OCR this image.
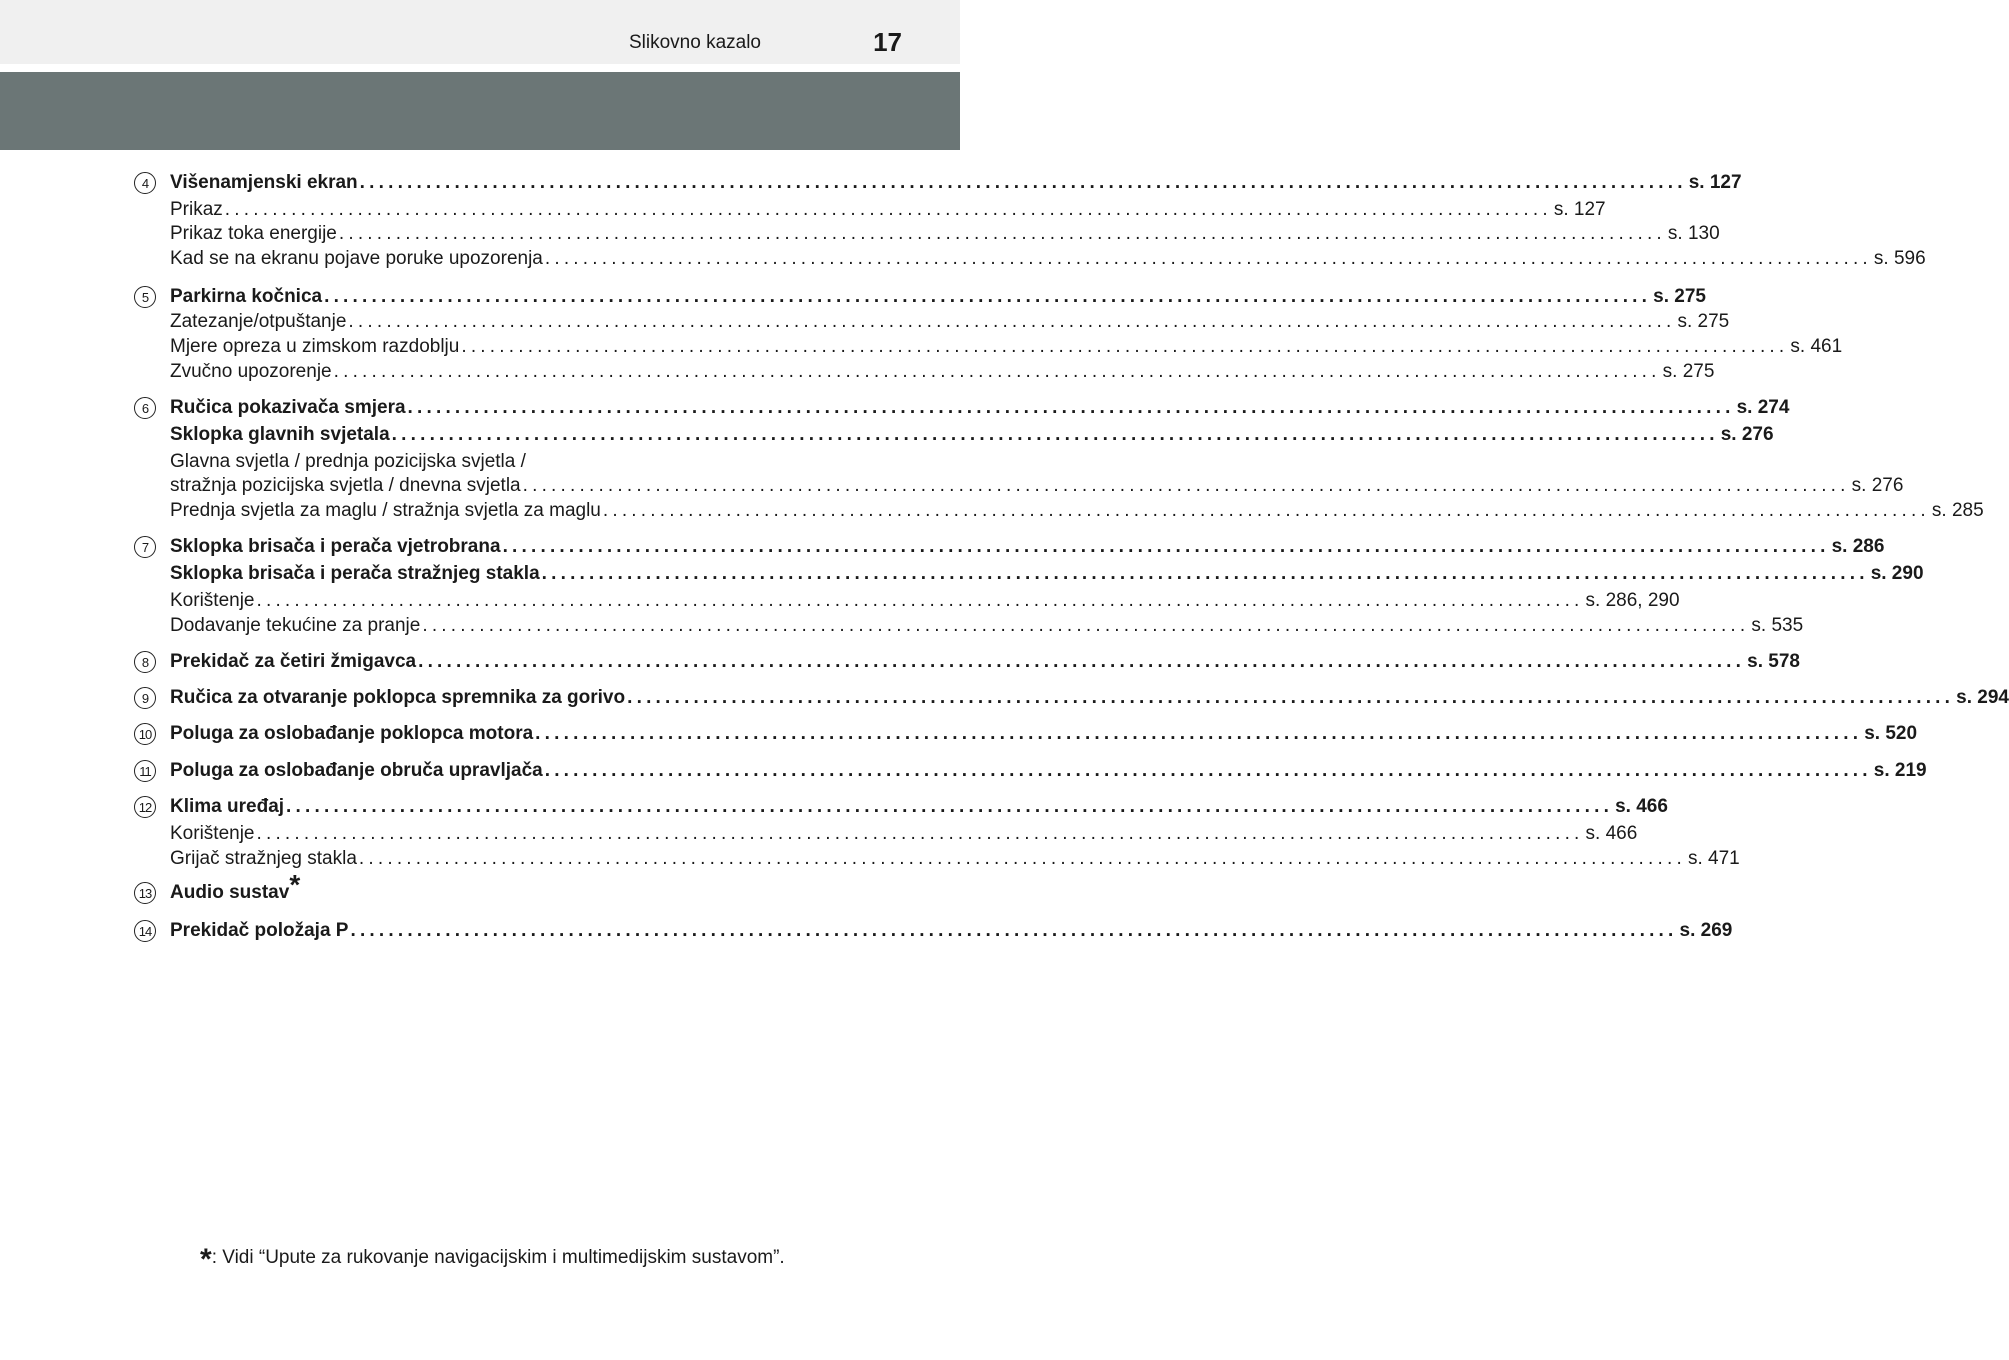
Slikovno kazalo	17
4	Višenamjenski ekran ............................................................................................................................................ s. 127
Prikaz ............................................................................................................................................ s. 127
Prikaz toka energije ............................................................................................................................................ s. 130
Kad se na ekranu pojave poruke upozorenja ............................................................................................................................................ s. 596
5	Parkirna kočnica ............................................................................................................................................ s. 275
Zatezanje/otpuštanje ............................................................................................................................................ s. 275
Mjere opreza u zimskom razdoblju ............................................................................................................................................ s. 461
Zvučno upozorenje ............................................................................................................................................ s. 275
6	Ručica pokazivača smjera ............................................................................................................................................ s. 274
Sklopka glavnih svjetala ............................................................................................................................................ s. 276
Glavna svjetla / prednja pozicijska svjetla /
stražnja pozicijska svjetla / dnevna svjetla ............................................................................................................................................ s. 276
Prednja svjetla za maglu / stražnja svjetla za maglu ............................................................................................................................................ s. 285
7	Sklopka brisača i perača vjetrobrana ............................................................................................................................................ s. 286
Sklopka brisača i perača stražnjeg stakla ............................................................................................................................................ s. 290
Korištenje ............................................................................................................................................ s. 286, 290
Dodavanje tekućine za pranje ............................................................................................................................................ s. 535
8	Prekidač za četiri žmigavca ............................................................................................................................................ s. 578
9	Ručica za otvaranje poklopca spremnika za gorivo ............................................................................................................................................ s. 294
10 Poluga za oslobađanje poklopca motora ............................................................................................................................................ s. 520
11 Poluga za oslobađanje obruča upravljača ............................................................................................................................................ s. 219
12 Klima uređaj ............................................................................................................................................ s. 466
Korištenje ............................................................................................................................................ s. 466
Grijač stražnjeg stakla ............................................................................................................................................ s. 471
13 Audio sustav*
14 Prekidač položaja P ............................................................................................................................................ s. 269
*: Vidi “Upute za rukovanje navigacijskim i multimedijskim sustavom”.
